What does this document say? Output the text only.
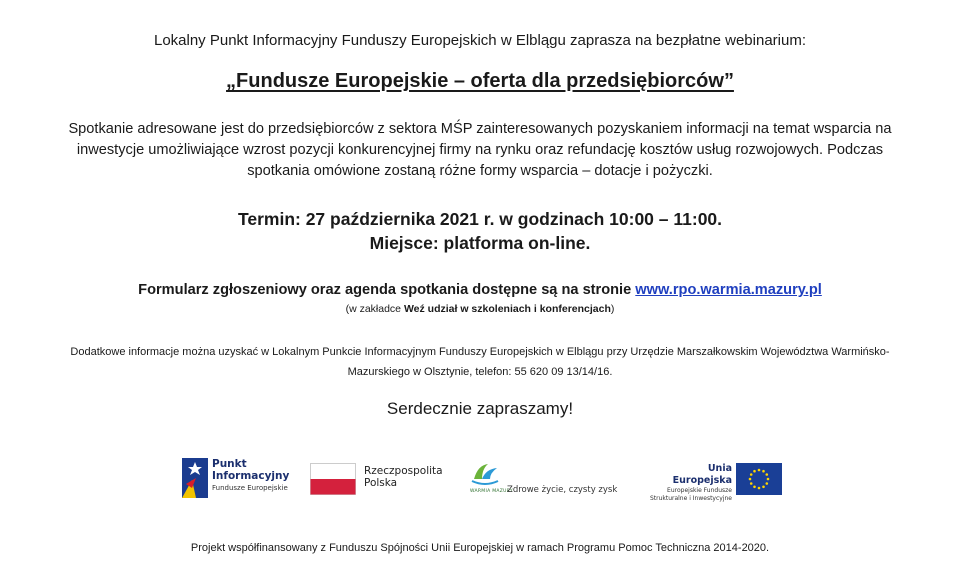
Lokalny Punkt Informacyjny Funduszy Europejskich w Elblągu zaprasza na bezpłatne webinarium:
„Fundusze Europejskie – oferta dla przedsiębiorców”
Spotkanie adresowane jest do przedsiębiorców z sektora MŚP zainteresowanych pozyskaniem informacji na temat wsparcia na
inwestycje umożliwiające wzrost pozycji konkurencyjnej firmy na rynku oraz refundację kosztów usług rozwojowych. Podczas
spotkania omówione zostaną różne formy wsparcia – dotacje i pożyczki.
Termin: 27 października 2021 r. w godzinach 10:00 – 11:00.
Miejsce: platforma on-line.
Formularz zgłoszeniowy oraz agenda spotkania dostępne są na stronie www.rpo.warmia.mazury.pl
(w zakładce Weź udział w szkoleniach i konferencjach)
Dodatkowe informacje można uzyskać w Lokalnym Punkcie Informacyjnym Funduszy Europejskich w Elblągu przy Urzędzie Marszałkowskim Województwa Warmińsko-
Mazurskiego w Olsztynie, telefon: 55 620 09 13/14/16.
Serdecznie zapraszamy!
Punkt
Informacyjny
Fundusze Europejskie
Rzeczpospolita
Polska
WARMIA MAZURY
Zdrowe życie, czysty zysk
Unia Europejska
Europejskie Fundusze
Strukturalne i Inwestycyjne
Projekt współfinansowany z Funduszu Spójności Unii Europejskiej w ramach Programu Pomoc Techniczna 2014-2020.
